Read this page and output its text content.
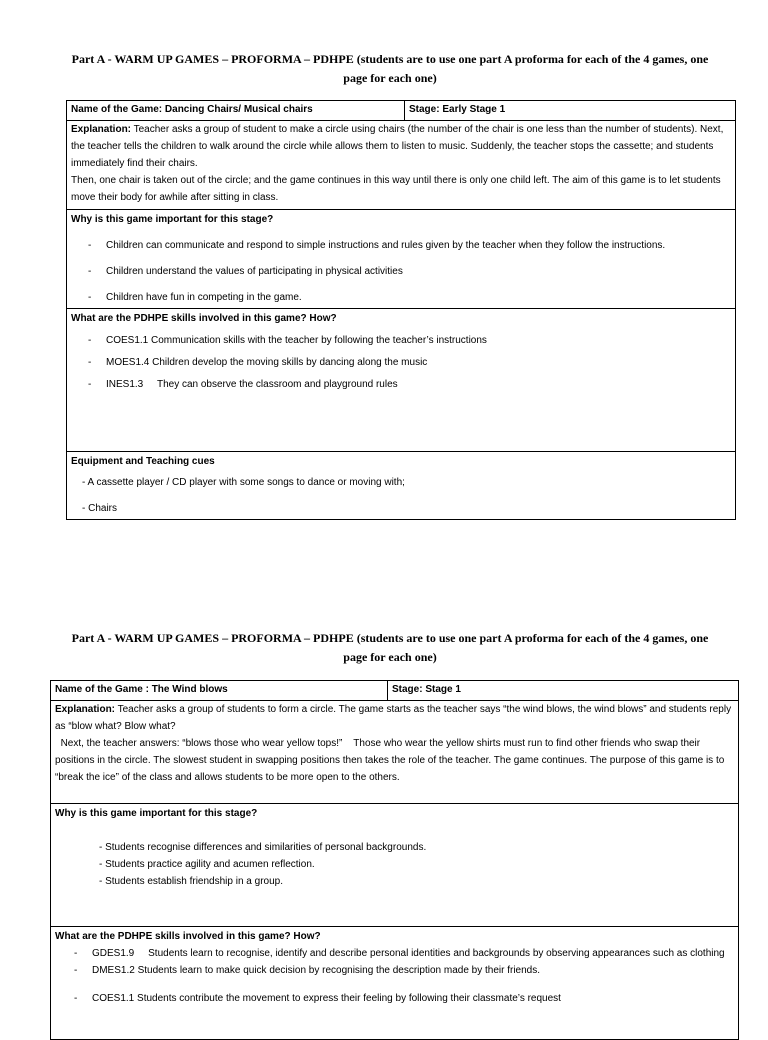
Part A - WARM UP GAMES – PROFORMA – PDHPE (students are to use one part A proforma for each of the 4 games, one
page for each one)
Name of the Game: Dancing Chairs/ Musical chairs	Stage: Early Stage 1
Explanation: Teacher asks a group of student to make a circle using chairs (the number of the chair is one less than the number of students). Next, the teacher tells the children to walk around the circle while allows them to listen to music. Suddenly, the teacher stops the cassette; and students immediately find their chairs.
Then, one chair is taken out of the circle; and the game continues in this way until there is only one child left. The aim of this game is to let students move their body for awhile after sitting in class.

Why is this game important for this stage?
- Children can communicate and respond to simple instructions and rules given by the teacher when they follow the instructions.
- Children understand the values of participating in physical activities
- Children have fun in competing in the game.

What are the PDHPE skills involved in this game? How?
- COES1.1 Communication skills with the teacher by following the teacher’s instructions
- MOES1.4 Children develop the moving skills by dancing along the music
- INES1.3     They can observe the classroom and playground rules

Equipment and Teaching cues
- A cassette player / CD player with some songs to dance or moving with;
- Chairs
Part A - WARM UP GAMES – PROFORMA – PDHPE (students are to use one part A proforma for each of the 4 games, one
page for each one)
Name of the Game : The Wind blows	Stage: Stage 1
Explanation: Teacher asks a group of students to form a circle. The game starts as the teacher says “the wind blows, the wind blows” and students reply as “blow what? Blow what?
Next, the teacher answers: “blows those who wear yellow tops!”    Those who wear the yellow shirts must run to find other friends who swap their positions in the circle. The slowest student in swapping positions then takes the role of the teacher. The game continues. The purpose of this game is to “break the ice” of the class and allows students to be more open to the others.

Why is this game important for this stage?
- Students recognise differences and similarities of personal backgrounds.
- Students practice agility and acumen reflection.
- Students establish friendship in a group.

What are the PDHPE skills involved in this game? How?
- GDES1.9     Students learn to recognise, identify and describe personal identities and backgrounds by observing appearances such as clothing
- DMES1.2 Students learn to make quick decision by recognising the description made by their friends.
- COES1.1 Students contribute the movement to express their feeling by following their classmate’s request
